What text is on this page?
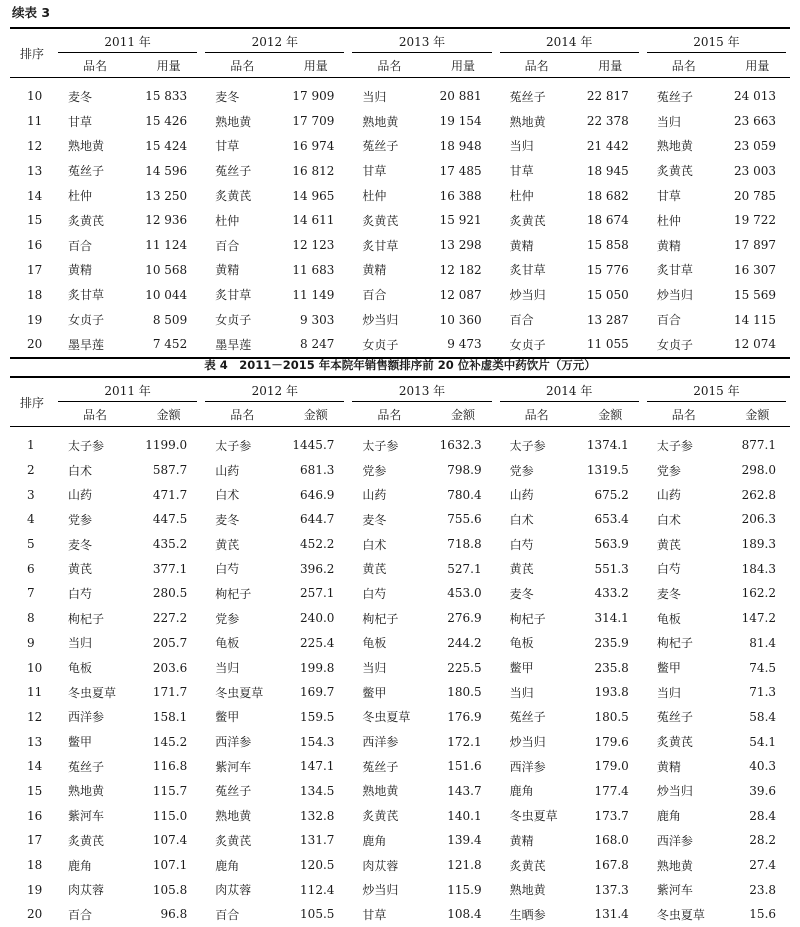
续表 3
排序	2011 年		2012 年		2013 年		2014 年		2015 年	

	品名	用量	品名	用量	品名	用量	品名	用量	品名	用量
10	麦冬	15 833	麦冬	17 909	当归	20 881	菟丝子	22 817	菟丝子	24 013
11	甘草	15 426	熟地黄	17 709	熟地黄	19 154	熟地黄	22 378	当归	23 663
12	熟地黄	15 424	甘草	16 974	菟丝子	18 948	当归	21 442	熟地黄	23 059
13	菟丝子	14 596	菟丝子	16 812	甘草	17 485	甘草	18 945	炙黄芪	23 003
14	杜仲	13 250	炙黄芪	14 965	杜仲	16 388	杜仲	18 682	甘草	20 785
15	炙黄芪	12 936	杜仲	14 611	炙黄芪	15 921	炙黄芪	18 674	杜仲	19 722
16	百合	11 124	百合	12 123	炙甘草	13 298	黄精	15 858	黄精	17 897
17	黄精	10 568	黄精	11 683	黄精	12 182	炙甘草	15 776	炙甘草	16 307
18	炙甘草	10 044	炙甘草	11 149	百合	12 087	炒当归	15 050	炒当归	15 569
19	女贞子	8 509	女贞子	9 303	炒当归	10 360	百合	13 287	百合	14 115
20	墨旱莲	7 452	墨旱莲	8 247	女贞子	9 473	女贞子	11 055	女贞子	12 074
表 4　2011－2015 年本院年销售额排序前 20 位补虚类中药饮片（万元）
排序	2011 年		2012 年		2013 年		2014 年		2015 年	

	品名	金额	品名	金额	品名	金额	品名	金额	品名	金额
1	太子参	1199.0	太子参	1445.7	太子参	1632.3	太子参	1374.1	太子参	877.1
2	白术	587.7	山药	681.3	党参	798.9	党参	1319.5	党参	298.0
3	山药	471.7	白术	646.9	山药	780.4	山药	675.2	山药	262.8
4	党参	447.5	麦冬	644.7	麦冬	755.6	白术	653.4	白术	206.3
5	麦冬	435.2	黄芪	452.2	白术	718.8	白芍	563.9	黄芪	189.3
6	黄芪	377.1	白芍	396.2	黄芪	527.1	黄芪	551.3	白芍	184.3
7	白芍	280.5	枸杞子	257.1	白芍	453.0	麦冬	433.2	麦冬	162.2
8	枸杞子	227.2	党参	240.0	枸杞子	276.9	枸杞子	314.1	龟板	147.2
9	当归	205.7	龟板	225.4	龟板	244.2	龟板	235.9	枸杞子	81.4
10	龟板	203.6	当归	199.8	当归	225.5	鳖甲	235.8	鳖甲	74.5
11	冬虫夏草	171.7	冬虫夏草	169.7	鳖甲	180.5	当归	193.8	当归	71.3
12	西洋参	158.1	鳖甲	159.5	冬虫夏草	176.9	菟丝子	180.5	菟丝子	58.4
13	鳖甲	145.2	西洋参	154.3	西洋参	172.1	炒当归	179.6	炙黄芪	54.1
14	菟丝子	116.8	紫河车	147.1	菟丝子	151.6	西洋参	179.0	黄精	40.3
15	熟地黄	115.7	菟丝子	134.5	熟地黄	143.7	鹿角	177.4	炒当归	39.6
16	紫河车	115.0	熟地黄	132.8	炙黄芪	140.1	冬虫夏草	173.7	鹿角	28.4
17	炙黄芪	107.4	炙黄芪	131.7	鹿角	139.4	黄精	168.0	西洋参	28.2
18	鹿角	107.1	鹿角	120.5	肉苁蓉	121.8	炙黄芪	167.8	熟地黄	27.4
19	肉苁蓉	105.8	肉苁蓉	112.4	炒当归	115.9	熟地黄	137.3	紫河车	23.8
20	百合	96.8	百合	105.5	甘草	108.4	生晒参	131.4	冬虫夏草	15.6
